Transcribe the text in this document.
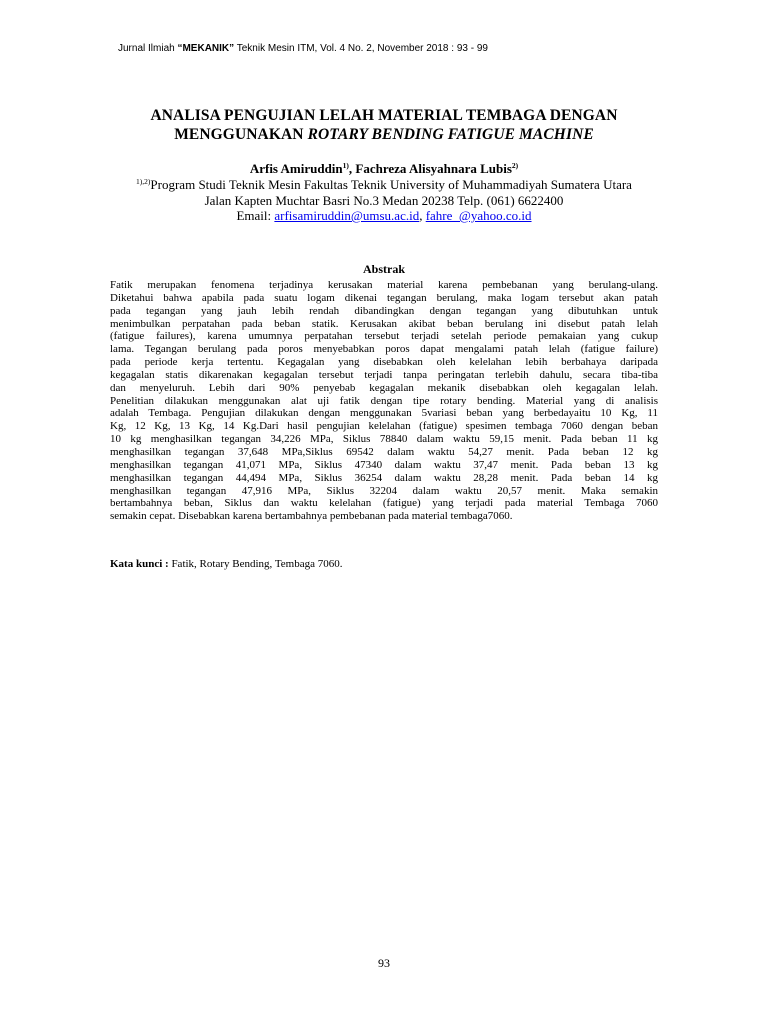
Jurnal Ilmiah “MEKANIK” Teknik Mesin ITM, Vol. 4 No. 2, November 2018 : 93 - 99
ANALISA PENGUJIAN LELAH MATERIAL TEMBAGA DENGAN
MENGGUNAKAN ROTARY BENDING FATIGUE MACHINE
Arfis Amiruddin$^{1)}$, Fachreza Alisyahnara Lubis$^{2)}$
$^{1),2)}$Program Studi Teknik Mesin Fakultas Teknik University of Muhammadiyah Sumatera Utara
Jalan Kapten Muchtar Basri No.3 Medan 20238 Telp. (061) 6622400
Email: arfisamiruddin@umsu.ac.id, fahre_@yahoo.co.id
Abstrak
Fatik merupakan fenomena terjadinya kerusakan material karena pembebanan yang berulang-ulang.
Diketahui bahwa apabila pada suatu logam dikenai tegangan berulang, maka logam tersebut akan patah
pada tegangan yang jauh lebih rendah dibandingkan dengan tegangan yang dibutuhkan untuk
menimbulkan perpatahan pada beban statik. Kerusakan akibat beban berulang ini disebut patah lelah
(fatigue failures), karena umumnya perpatahan tersebut terjadi setelah periode pemakaian yang cukup
lama. Tegangan berulang pada poros menyebabkan poros dapat mengalami patah lelah (fatigue failure)
pada periode kerja tertentu. Kegagalan yang disebabkan oleh kelelahan lebih berbahaya daripada
kegagalan statis dikarenakan kegagalan tersebut terjadi tanpa peringatan terlebih dahulu, secara tiba-tiba
dan menyeluruh. Lebih dari 90% penyebab kegagalan mekanik disebabkan oleh kegagalan lelah.
Penelitian dilakukan menggunakan alat uji fatik dengan tipe rotary bending. Material yang di analisis
adalah Tembaga. Pengujian dilakukan dengan menggunakan 5variasi beban yang berbedayaitu 10 Kg, 11
Kg, 12 Kg, 13 Kg, 14 Kg.Dari hasil pengujian kelelahan (fatigue) spesimen tembaga 7060 dengan beban
10 kg menghasilkan tegangan 34,226 MPa, Siklus 78840 dalam waktu 59,15 menit. Pada beban 11 kg
menghasilkan tegangan 37,648 MPa,Siklus 69542 dalam waktu 54,27 menit. Pada beban 12 kg
menghasilkan tegangan 41,071 MPa, Siklus 47340 dalam waktu 37,47 menit. Pada beban 13 kg
menghasilkan tegangan 44,494 MPa, Siklus 36254 dalam waktu 28,28 menit. Pada beban 14 kg
menghasilkan tegangan 47,916 MPa, Siklus 32204 dalam waktu 20,57 menit. Maka semakin
bertambahnya beban, Siklus dan waktu kelelahan (fatigue) yang terjadi pada material Tembaga 7060
semakin cepat. Disebabkan karena bertambahnya pembebanan pada material tembaga7060.
Kata kunci : Fatik, Rotary Bending, Tembaga 7060.
93
